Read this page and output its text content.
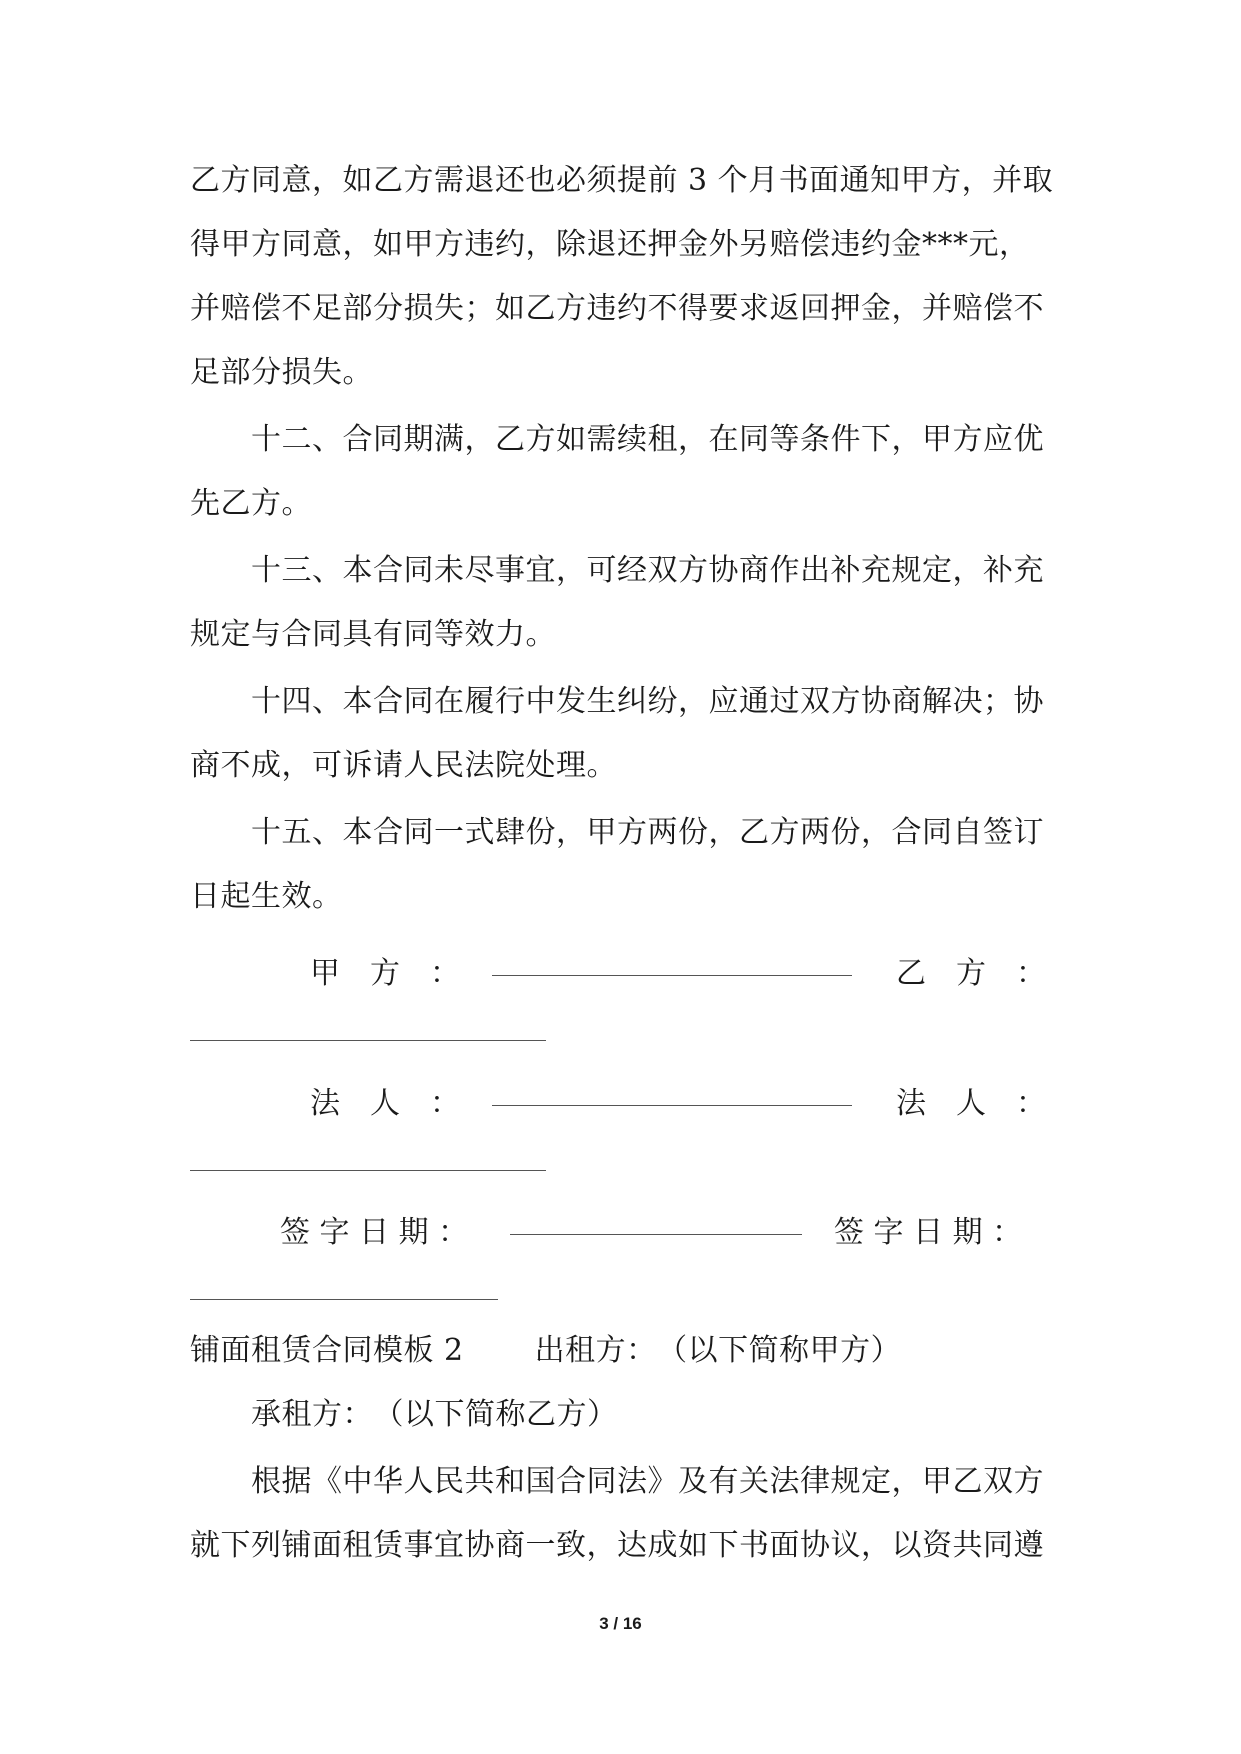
乙方同意，如乙方需退还也必须提前 3 个月书面通知甲方，并取
得甲方同意，如甲方违约，除退还押金外另赔偿违约金***元，
并赔偿不足部分损失；如乙方违约不得要求返回押金，并赔偿不
足部分损失。
十二、合同期满，乙方如需续租，在同等条件下，甲方应优
先乙方。
十三、本合同未尽事宜，可经双方协商作出补充规定，补充
规定与合同具有同等效力。
十四、本合同在履行中发生纠纷，应通过双方协商解决；协
商不成，可诉请人民法院处理。
十五、本合同一式肆份，甲方两份，乙方两份，合同自签订
日起生效。
甲　方　：	乙　方　：
法　人　：	法　人　：
签 字 日 期 ：	签 字 日 期 ：
铺面租赁合同模板 2　　 出租方：　（以下简称甲方）
承租方：　（以下简称乙方）
根据《中华人民共和国合同法》及有关法律规定，甲乙双方
就下列铺面租赁事宜协商一致，达成如下书面协议，以资共同遵
3 / 16
